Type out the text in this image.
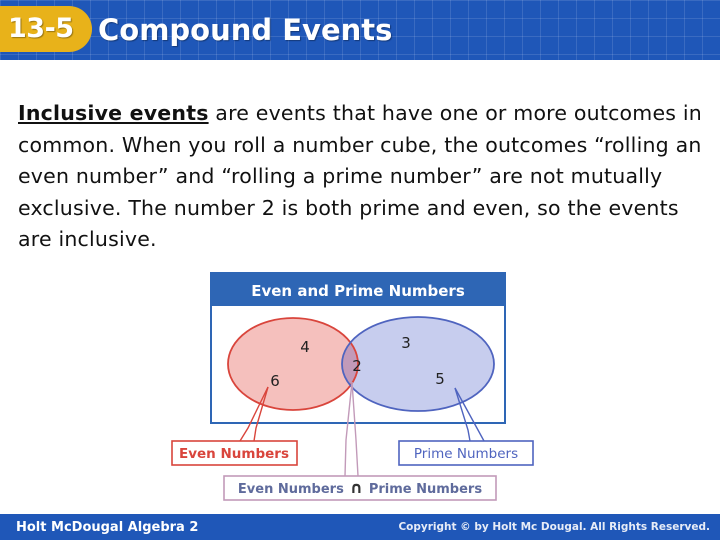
13-5 Compound Events
Inclusive events are events that have one or more outcomes in common. When you roll a number cube, the outcomes “rolling an even number” and “rolling a prime number” are not mutually exclusive. The number 2 is both prime and even, so the events are inclusive.
Even and Prime Numbers
4
6
2
3
5
Even Numbers	Prime Numbers
Even Numbers ∩ Prime Numbers
Holt McDougal Algebra 2	Copyright © by Holt Mc Dougal. All Rights Reserved.
